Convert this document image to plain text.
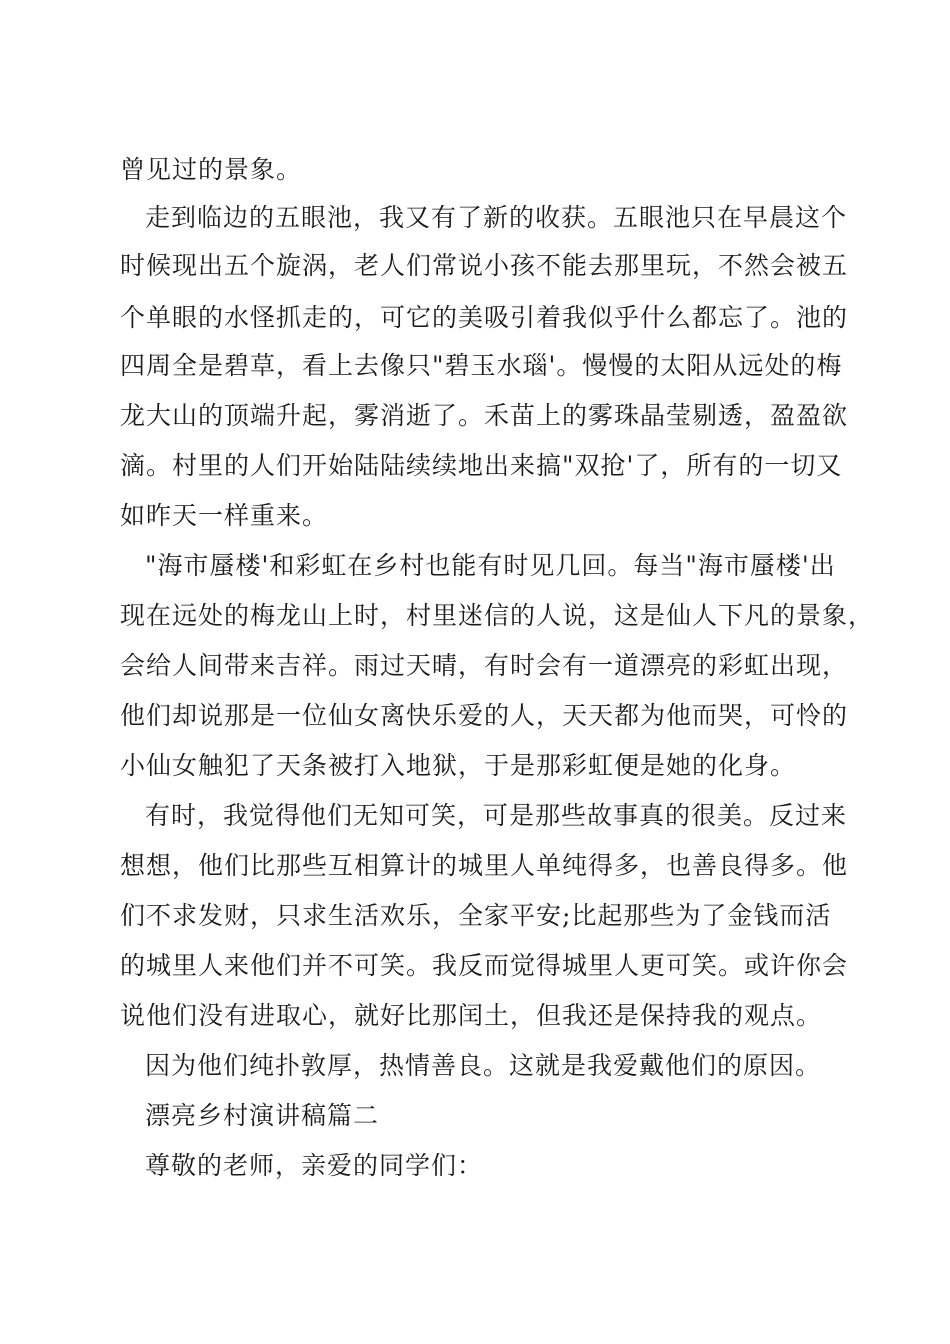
曾见过的景象。
走到临边的五眼池，我又有了新的收获。五眼池只在早晨这个
时候现出五个旋涡，老人们常说小孩不能去那里玩，不然会被五
个单眼的水怪抓走的，可它的美吸引着我似乎什么都忘了。池的
四周全是碧草，看上去像只"碧玉水瑙'。慢慢的太阳从远处的梅
龙大山的顶端升起，雾消逝了。禾苗上的雾珠晶莹剔透，盈盈欲
滴。村里的人们开始陆陆续续地出来搞"双抢'了，所有的一切又
如昨天一样重来。
"海市蜃楼'和彩虹在乡村也能有时见几回。每当"海市蜃楼'出
现在远处的梅龙山上时，村里迷信的人说，这是仙人下凡的景象，
会给人间带来吉祥。雨过天晴，有时会有一道漂亮的彩虹出现，
他们却说那是一位仙女离快乐爱的人，天天都为他而哭，可怜的
小仙女触犯了天条被打入地狱，于是那彩虹便是她的化身。
有时，我觉得他们无知可笑，可是那些故事真的很美。反过来
想想，他们比那些互相算计的城里人单纯得多，也善良得多。他
们不求发财，只求生活欢乐，全家平安;比起那些为了金钱而活
的城里人来他们并不可笑。我反而觉得城里人更可笑。或许你会
说他们没有进取心，就好比那闰土，但我还是保持我的观点。
因为他们纯扑敦厚，热情善良。这就是我爱戴他们的原因。
漂亮乡村演讲稿篇二
尊敬的老师，亲爱的同学们：
